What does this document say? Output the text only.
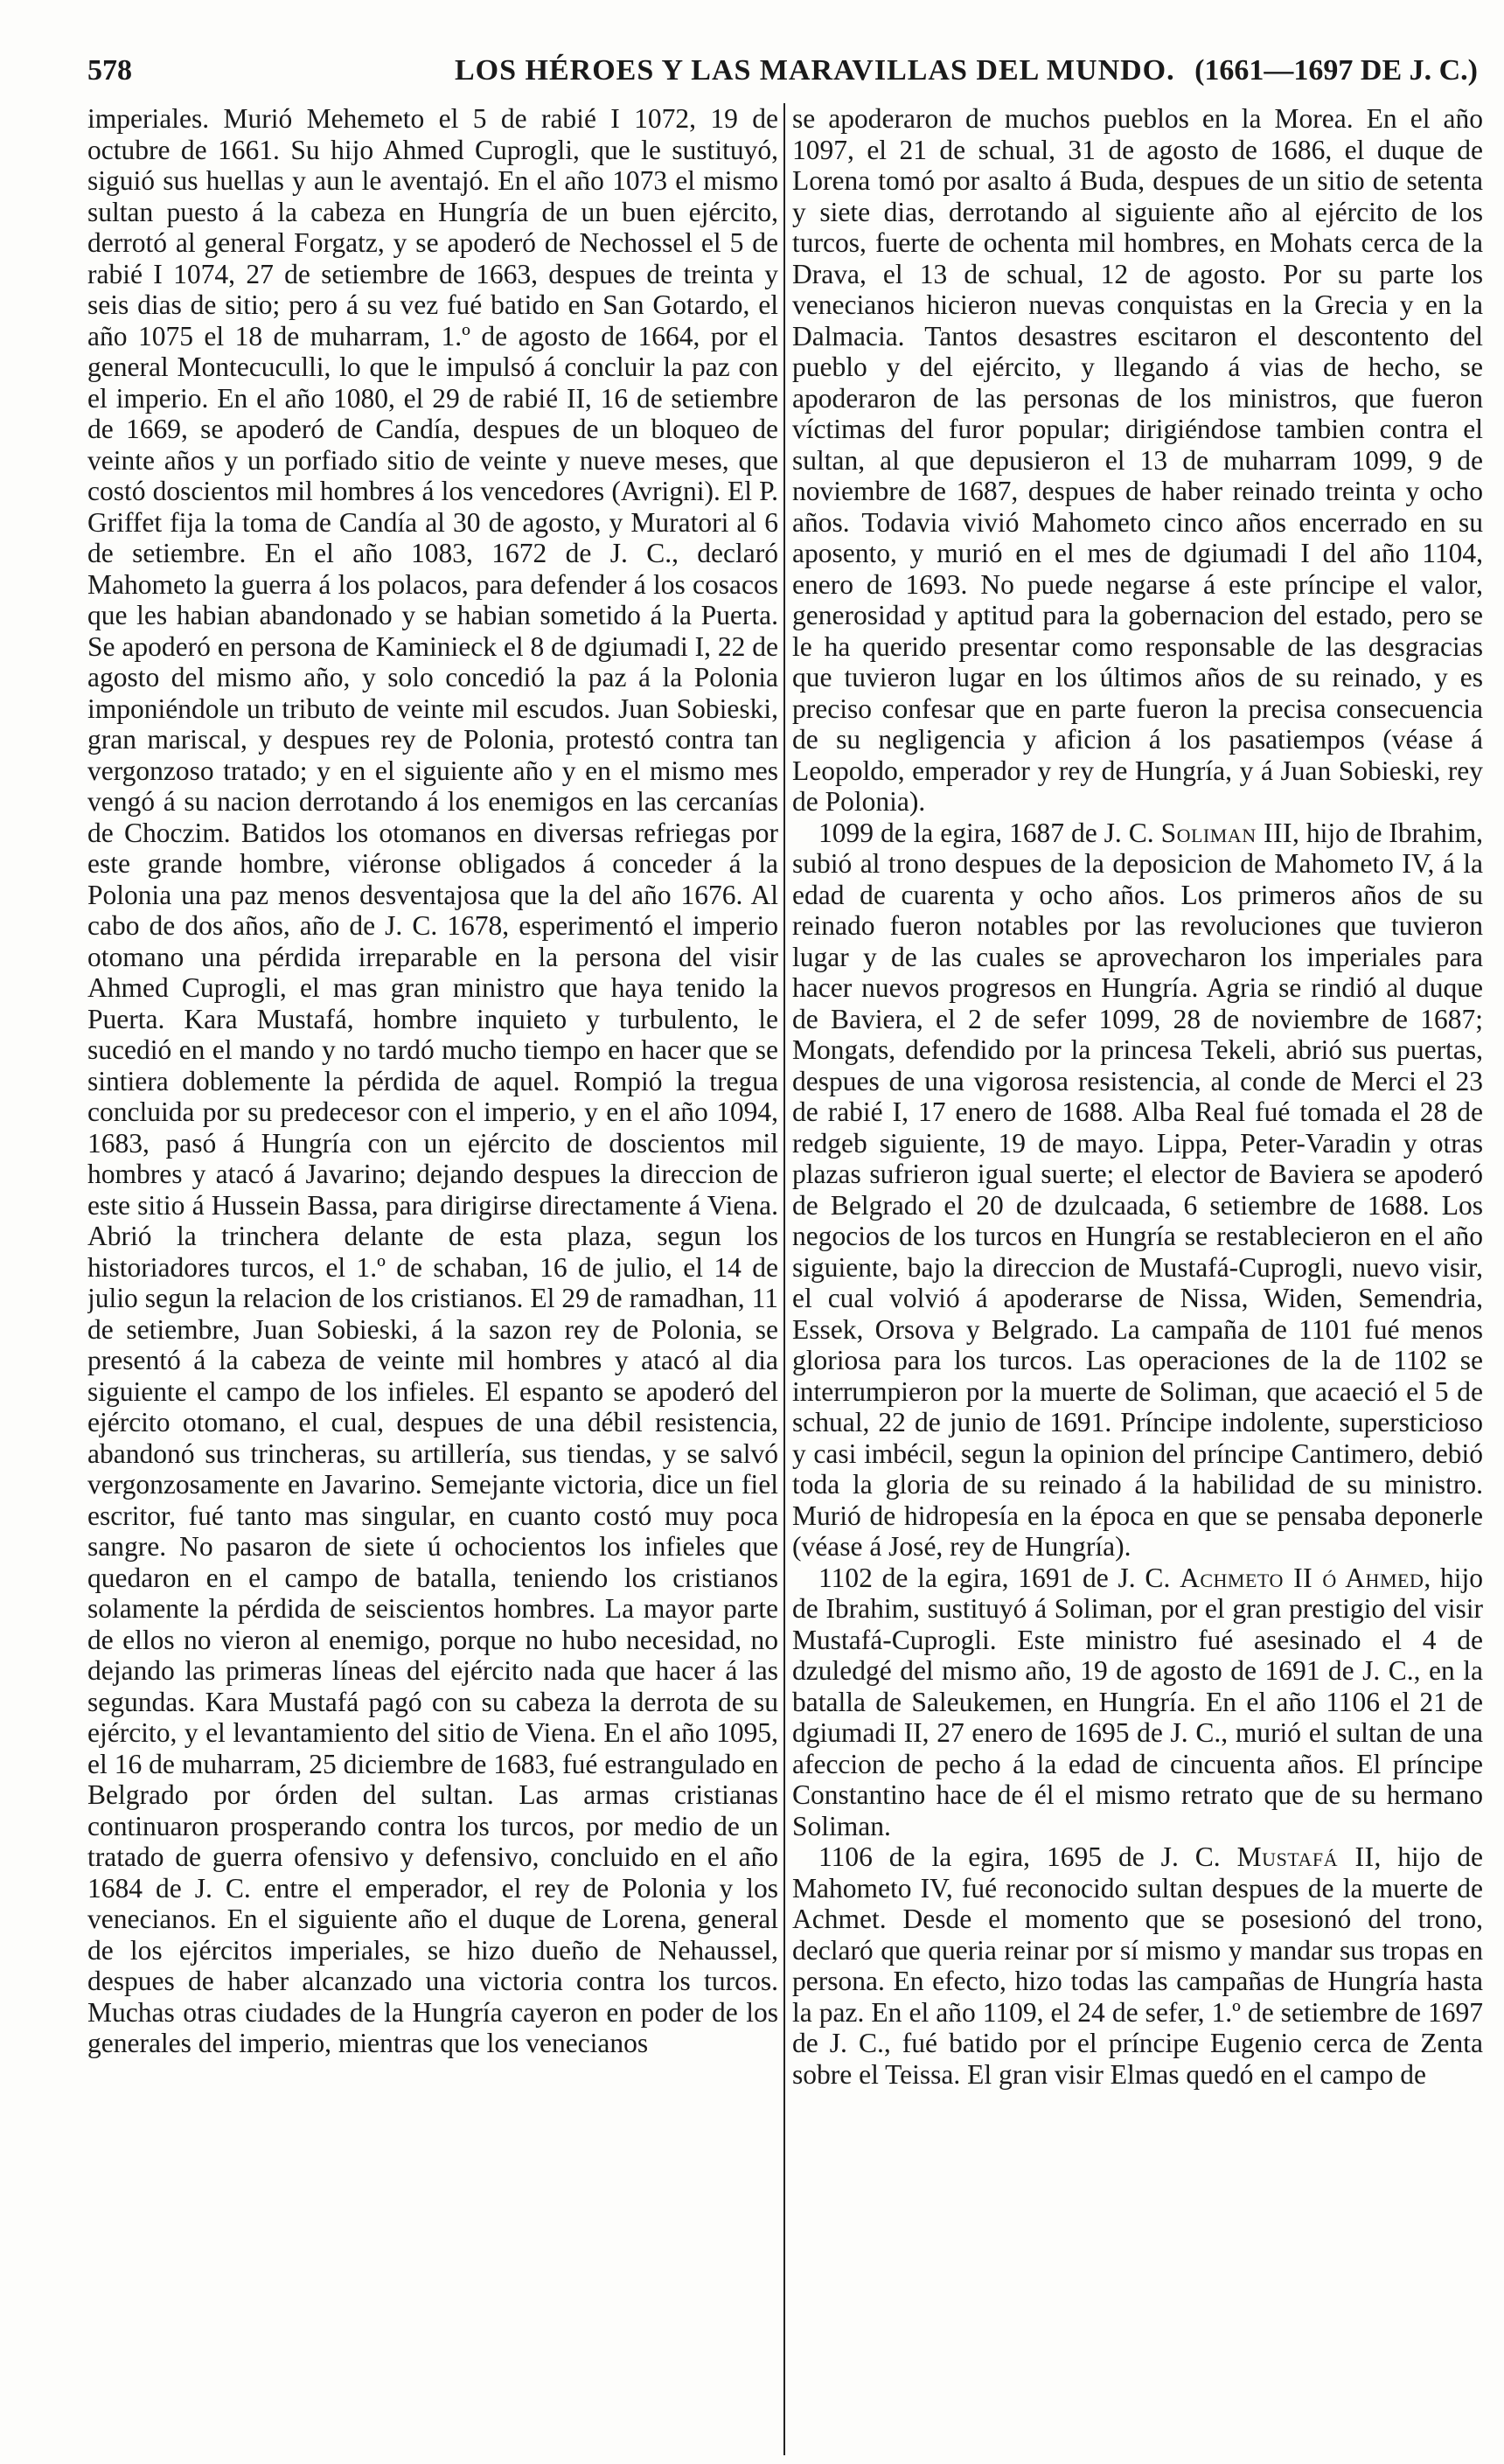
578	LOS HÉROES Y LAS MARAVILLAS DEL MUNDO. (1661—1697 DE J. C.)

imperiales. Murió Mehemeto el 5 de rabié I 1072, 19 de octubre de 1661. Su hijo Ahmed Cuprogli, que le sustituyó, siguió sus huellas y aun le aventajó. En el año 1073 el mismo sultan puesto á la cabeza en Hungría de un buen ejército, derrotó al general Forgatz, y se apoderó de Nechossel el 5 de rabié I 1074, 27 de setiembre de 1663, despues de treinta y seis dias de sitio; pero á su vez fué batido en San Gotardo, el año 1075 el 18 de muharram, 1.º de agosto de 1664, por el general Montecuculli, lo que le impulsó á concluir la paz con el imperio. En el año 1080, el 29 de rabié II, 16 de setiembre de 1669, se apoderó de Candía, despues de un bloqueo de veinte años y un porfiado sitio de veinte y nueve meses, que costó doscientos mil hombres á los vencedores (Avrigni). El P. Griffet fija la toma de Candía al 30 de agosto, y Muratori al 6 de setiembre. En el año 1083, 1672 de J. C., declaró Mahometo la guerra á los polacos, para defender á los cosacos que les habian abandonado y se habian sometido á la Puerta. Se apoderó en persona de Kaminieck el 8 de dgiumadi I, 22 de agosto del mismo año, y solo concedió la paz á la Polonia imponiéndole un tributo de veinte mil escudos. Juan Sobieski, gran mariscal, y despues rey de Polonia, protestó contra tan vergonzoso tratado; y en el siguiente año y en el mismo mes vengó á su nacion derrotando á los enemigos en las cercanías de Choczim. Batidos los otomanos en diversas refriegas por este grande hombre, viéronse obligados á conceder á la Polonia una paz menos desventajosa que la del año 1676. Al cabo de dos años, año de J. C. 1678, esperimentó el imperio otomano una pérdida irreparable en la persona del visir Ahmed Cuprogli, el mas gran ministro que haya tenido la Puerta. Kara Mustafá, hombre inquieto y turbulento, le sucedió en el mando y no tardó mucho tiempo en hacer que se sintiera doblemente la pérdida de aquel. Rompió la tregua concluida por su predecesor con el imperio, y en el año 1094, 1683, pasó á Hungría con un ejército de doscientos mil hombres y atacó á Javarino; dejando despues la direccion de este sitio á Hussein Bassa, para dirigirse directamente á Viena. Abrió la trinchera delante de esta plaza, segun los historiadores turcos, el 1.º de schaban, 16 de julio, el 14 de julio segun la relacion de los cristianos. El 29 de ramadhan, 11 de setiembre, Juan Sobieski, á la sazon rey de Polonia, se presentó á la cabeza de veinte mil hombres y atacó al dia siguiente el campo de los infieles. El espanto se apoderó del ejército otomano, el cual, despues de una débil resistencia, abandonó sus trincheras, su artillería, sus tiendas, y se salvó vergonzosamente en Javarino. Semejante victoria, dice un fiel escritor, fué tanto mas singular, en cuanto costó muy poca sangre. No pasaron de siete ú ochocientos los infieles que quedaron en el campo de batalla, teniendo los cristianos solamente la pérdida de seiscientos hombres. La mayor parte de ellos no vieron al enemigo, porque no hubo necesidad, no dejando las primeras líneas del ejército nada que hacer á las segundas. Kara Mustafá pagó con su cabeza la derrota de su ejército, y el levantamiento del sitio de Viena. En el año 1095, el 16 de muharram, 25 diciembre de 1683, fué estrangulado en Belgrado por órden del sultan. Las armas cristianas continuaron prosperando contra los turcos, por medio de un tratado de guerra ofensivo y defensivo, concluido en el año 1684 de J. C. entre el emperador, el rey de Polonia y los venecianos. En el siguiente año el duque de Lorena, general de los ejércitos imperiales, se hizo dueño de Nehaussel, despues de haber alcanzado una victoria contra los turcos. Muchas otras ciudades de la Hungría cayeron en poder de los generales del imperio, mientras que los venecianos

se apoderaron de muchos pueblos en la Morea. En el año 1097, el 21 de schual, 31 de agosto de 1686, el duque de Lorena tomó por asalto á Buda, despues de un sitio de setenta y siete dias, derrotando al siguiente año al ejército de los turcos, fuerte de ochenta mil hombres, en Mohats cerca de la Drava, el 13 de schual, 12 de agosto. Por su parte los venecianos hicieron nuevas conquistas en la Grecia y en la Dalmacia. Tantos desastres escitaron el descontento del pueblo y del ejército, y llegando á vias de hecho, se apoderaron de las personas de los ministros, que fueron víctimas del furor popular; dirigiéndose tambien contra el sultan, al que depusieron el 13 de muharram 1099, 9 de noviembre de 1687, despues de haber reinado treinta y ocho años. Todavia vivió Mahometo cinco años encerrado en su aposento, y murió en el mes de dgiumadi I del año 1104, enero de 1693. No puede negarse á este príncipe el valor, generosidad y aptitud para la gobernacion del estado, pero se le ha querido presentar como responsable de las desgracias que tuvieron lugar en los últimos años de su reinado, y es preciso confesar que en parte fueron la precisa consecuencia de su negligencia y aficion á los pasatiempos (véase á Leopoldo, emperador y rey de Hungría, y á Juan Sobieski, rey de Polonia).

1099 de la egira, 1687 de J. C. Soliman III, hijo de Ibrahim, subió al trono despues de la deposicion de Mahometo IV, á la edad de cuarenta y ocho años. Los primeros años de su reinado fueron notables por las revoluciones que tuvieron lugar y de las cuales se aprovecharon los imperiales para hacer nuevos progresos en Hungría. Agria se rindió al duque de Baviera, el 2 de sefer 1099, 28 de noviembre de 1687; Mongats, defendido por la princesa Tekeli, abrió sus puertas, despues de una vigorosa resistencia, al conde de Merci el 23 de rabié I, 17 enero de 1688. Alba Real fué tomada el 28 de redgeb siguiente, 19 de mayo. Lippa, Peter-Varadin y otras plazas sufrieron igual suerte; el elector de Baviera se apoderó de Belgrado el 20 de dzulcaada, 6 setiembre de 1688. Los negocios de los turcos en Hungría se restablecieron en el año siguiente, bajo la direccion de Mustafá-Cuprogli, nuevo visir, el cual volvió á apoderarse de Nissa, Widen, Semendria, Essek, Orsova y Belgrado. La campaña de 1101 fué menos gloriosa para los turcos. Las operaciones de la de 1102 se interrumpieron por la muerte de Soliman, que acaeció el 5 de schual, 22 de junio de 1691. Príncipe indolente, supersticioso y casi imbécil, segun la opinion del príncipe Cantimero, debió toda la gloria de su reinado á la habilidad de su ministro. Murió de hidropesía en la época en que se pensaba deponerle (véase á José, rey de Hungría).

1102 de la egira, 1691 de J. C. Achmeto II ó Ahmed, hijo de Ibrahim, sustituyó á Soliman, por el gran prestigio del visir Mustafá-Cuprogli. Este ministro fué asesinado el 4 de dzuledgé del mismo año, 19 de agosto de 1691 de J. C., en la batalla de Saleukemen, en Hungría. En el año 1106 el 21 de dgiumadi II, 27 enero de 1695 de J. C., murió el sultan de una afeccion de pecho á la edad de cincuenta años. El príncipe Constantino hace de él el mismo retrato que de su hermano Soliman.

1106 de la egira, 1695 de J. C. Mustafá II, hijo de Mahometo IV, fué reconocido sultan despues de la muerte de Achmet. Desde el momento que se posesionó del trono, declaró que queria reinar por sí mismo y mandar sus tropas en persona. En efecto, hizo todas las campañas de Hungría hasta la paz. En el año 1109, el 24 de sefer, 1.º de setiembre de 1697 de J. C., fué batido por el príncipe Eugenio cerca de Zenta sobre el Teissa. El gran visir Elmas quedó en el campo de
